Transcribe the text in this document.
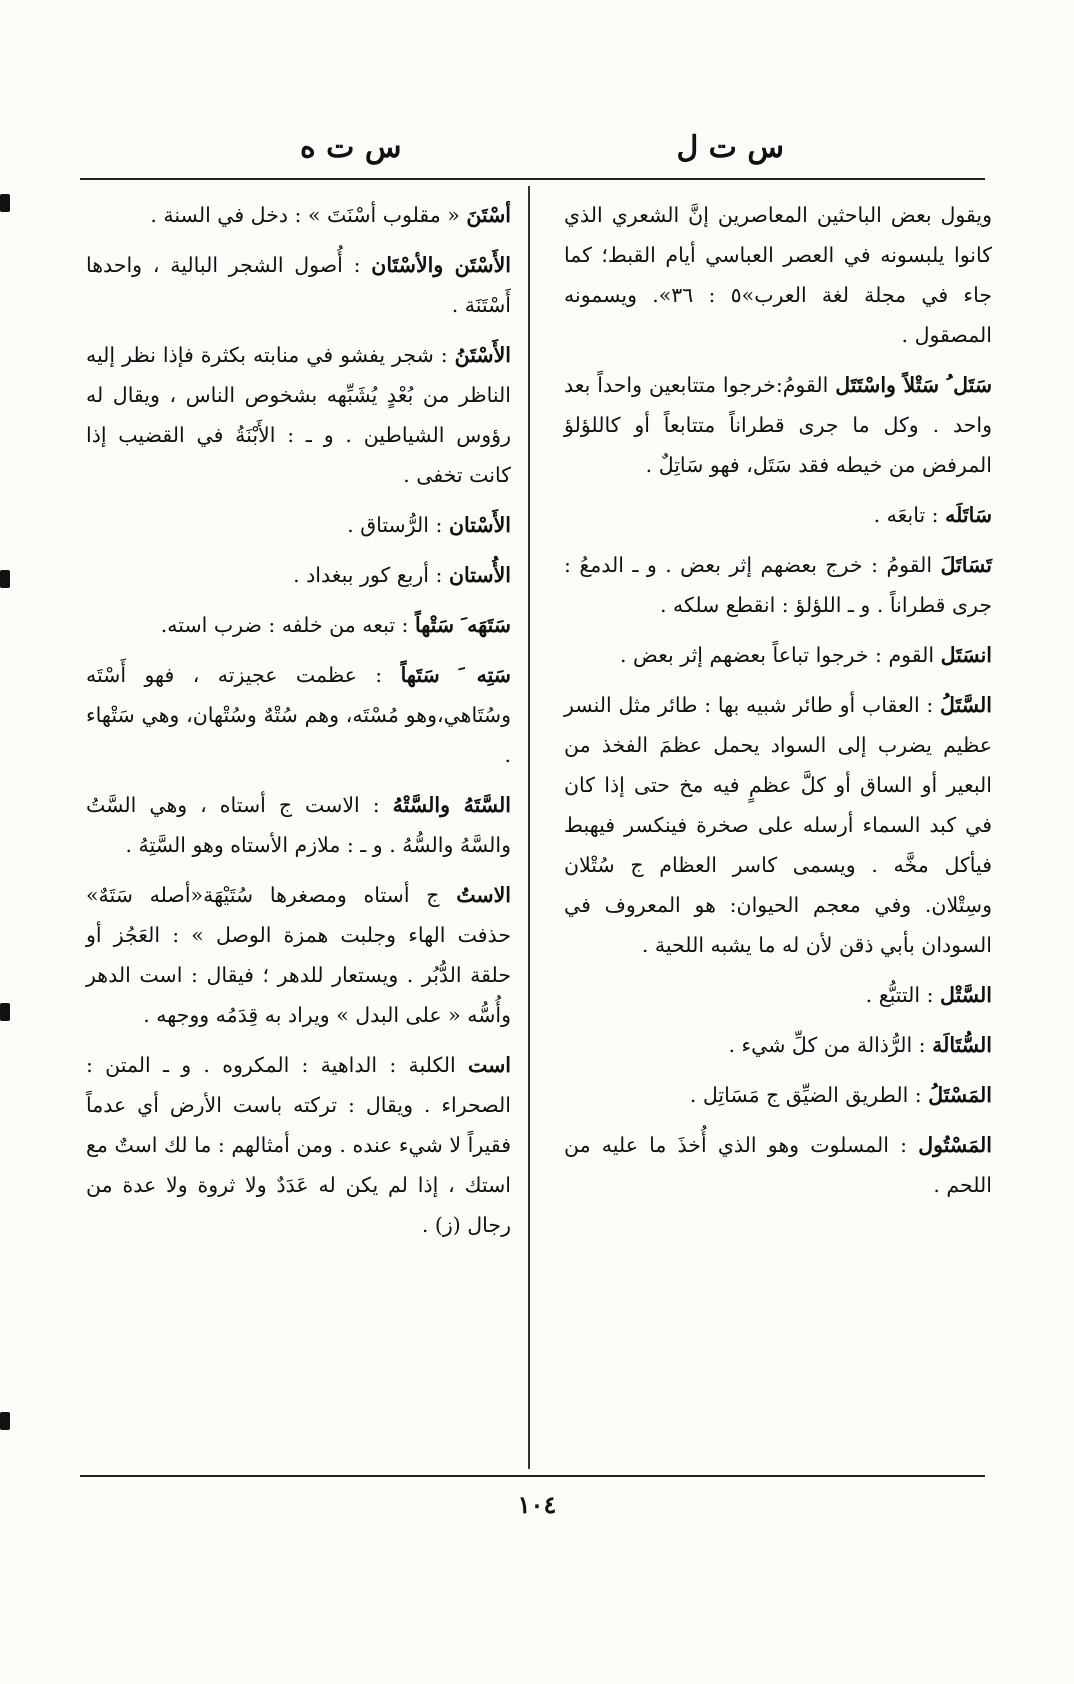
س ت ل
س ت ه

ويقول بعض الباحثين المعاصرين إنَّ الشعري الذي كانوا يلبسونه في العصر العباسي أيام القبط؛ كما جاء في مجلة لغة العرب»٥ : ٣٦». ويسمونه المصقول .

سَتَل ُ سَتْلاً واسْتَتَل القومُ:خرجوا متتابعين واحداً بعد واحد . وكل ما جرى قطراناً متتابعاً أو كاللؤلؤ المرفض من خيطه فقد سَتَل، فهو سَاتِلٌ .

سَاتَلَه : تابعَه .

تَسَاتَلَ القومُ : خرج بعضهم إثر بعض . و ـ الدمعُ : جرى قطراناً . و ـ اللؤلؤ : انقطع سلكه .

انسَتَل القوم : خرجوا تباعاً بعضهم إثر بعض .

السَّتَلُ : العقاب أو طائر شبيه بها : طائر مثل النسر عظيم يضرب إلى السواد يحمل عظمَ الفخذ من البعير أو الساق أو كلَّ عظمٍ فيه مخ حتى إذا كان في كبد السماء أرسله على صخرة فينكسر فيهبط فيأكل مخَّه . ويسمى كاسر العظام ج سُتْلان وسِتْلان. وفي معجم الحيوان: هو المعروف في السودان بأبي ذقن لأن له ما يشبه اللحية .

السَّتْل : التتبُّع .

السُّتَالَة : الرُّذالة من كلِّ شيء .

المَسْتَلُ : الطريق الضيِّق ج مَسَاتِل .

المَسْتُول : المسلوت وهو الذي أُخذَ ما عليه من اللحم .

أسْتَنَ « مقلوب أسْنَتَ » : دخل في السنة .

الأَسْتَن والأسْتَان : أُصول الشجر البالية ، واحدها أَسْتَنَة .

الأَسْتَنُ : شجر يفشو في منابته بكثرة فإذا نظر إليه الناظر من بُعْدٍ يُشَبِّهه بشخوص الناس ، ويقال له رؤوس الشياطين . و ـ : الأَبْنَةُ في القضيب إذا كانت تخفى .

الأَسْتان : الرُّستاق .

الأُستان : أربع كور ببغداد .

سَتَهَه َ سَتْهاً : تبعه من خلفه : ضرب استه.

سَتِه َ سَتَهاً : عظمت عجيزته ، فهو أَسْتَه وسُتَاهي،وهو مُسْتَه، وهم سُتْهٌ وسُتْهان، وهي سَتْهاء .

السَّتَهُ والسَّتْهُ : الاست ج أستاه ، وهي السَّتُ والسَّهُ والسُّهُ . و ـ : ملازم الأستاه وهو السَّتِهُ .

الاستُ ج أستاه ومصغرها سُتَيْهَة«أصله سَتَهٌ» حذفت الهاء وجلبت همزة الوصل » : العَجُز أو حلقة الدُّبُر . ويستعار للدهر ؛ فيقال : است الدهر وأُسُّه « على البدل » ويراد به قِدَمُه ووجهه .

است الكلبة : الداهية : المكروه . و ـ المتن : الصحراء . ويقال : تركته باست الأرض أي عدماً فقيراً لا شيء عنده . ومن أمثالهم : ما لك استٌ مع استك ، إذا لم يكن له عَدَدٌ ولا ثروة ولا عدة من رجال (ز) .

١٠٤
